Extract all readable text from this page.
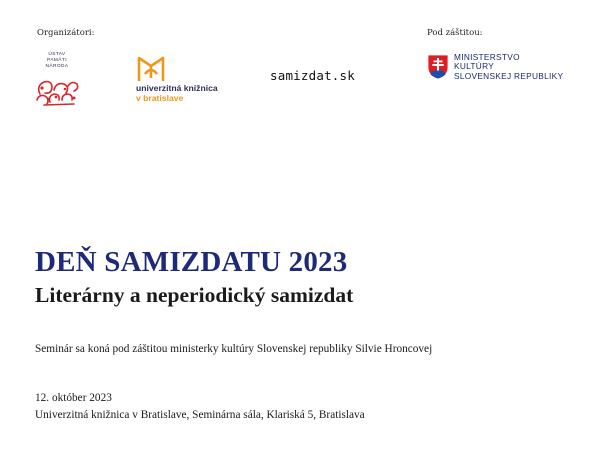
Organizátori:	Pod záštitou:
ÚSTAV
PAMÄTI
NÁRODA
univerzitná knižnica
v bratislave
samizdat.sk
MINISTERSTVO
KULTÚRY
SLOVENSKEJ REPUBLIKY
DEŇ SAMIZDATU 2023
Literárny a neperiodický samizdat
Seminár sa koná pod záštitou ministerky kultúry Slovenskej republiky Silvie Hroncovej
12. október 2023
Univerzitná knižnica v Bratislave, Seminárna sála, Klariská 5, Bratislava
